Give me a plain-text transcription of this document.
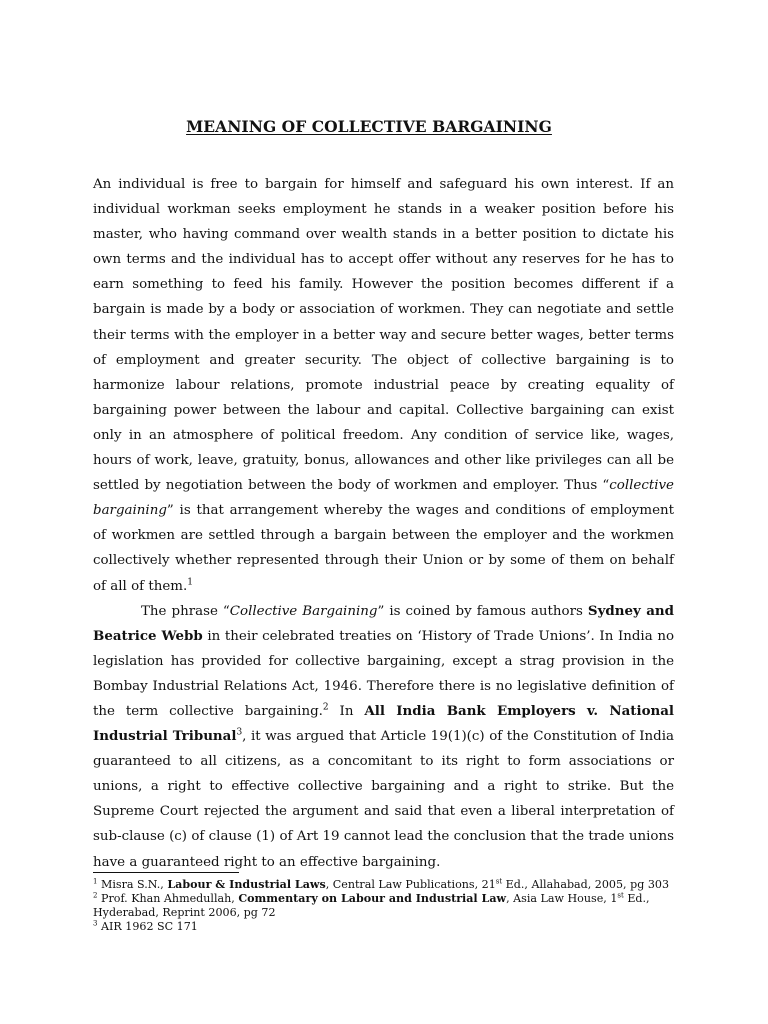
MEANING OF COLLECTIVE BARGAINING

An individual is free to bargain for himself and safeguard his own interest. If an individual workman seeks employment he stands in a weaker position before his master, who having command over wealth stands in a better position to dictate his own terms and the individual has to accept offer without any reserves for he has to earn something to feed his family. However the position becomes different if a bargain is made by a body or association of workmen. They can negotiate and settle their terms with the employer in a better way and secure better wages, better terms of employment and greater security. The object of collective bargaining is to harmonize labour relations, promote industrial peace by creating equality of bargaining power between the labour and capital. Collective bargaining can exist only in an atmosphere of political freedom. Any condition of service like, wages, hours of work, leave, gratuity, bonus, allowances and other like privileges can all be settled by negotiation between the body of workmen and employer. Thus “collective bargaining” is that arrangement whereby the wages and conditions of employment of workmen are settled through a bargain between the employer and the workmen collectively whether represented through their Union or by some of them on behalf of all of them.$^1$

The phrase “Collective Bargaining” is coined by famous authors Sydney and Beatrice Webb in their celebrated treaties on ‘History of Trade Unions’. In India no legislation has provided for collective bargaining, except a strag provision in the Bombay Industrial Relations Act, 1946. Therefore there is no legislative definition of the term collective bargaining.$^2$ In All India Bank Employers v. National Industrial Tribunal$^3$, it was argued that Article 19(1)(c) of the Constitution of India guaranteed to all citizens, as a concomitant to its right to form associations or unions, a right to effective collective bargaining and a right to strike. But the Supreme Court rejected the argument and said that even a liberal interpretation of sub-clause (c) of clause (1) of Art 19 cannot lead the conclusion that the trade unions have a guaranteed right to an effective bargaining.

$^1$ Misra S.N., Labour & Industrial Laws, Central Law Publications, 21st Ed., Allahabad, 2005, pg 303

$^2$ Prof. Khan Ahmedullah, Commentary on Labour and Industrial Law, Asia Law House, 1st Ed., Hyderabad, Reprint 2006, pg 72

$^3$ AIR 1962 SC 171
